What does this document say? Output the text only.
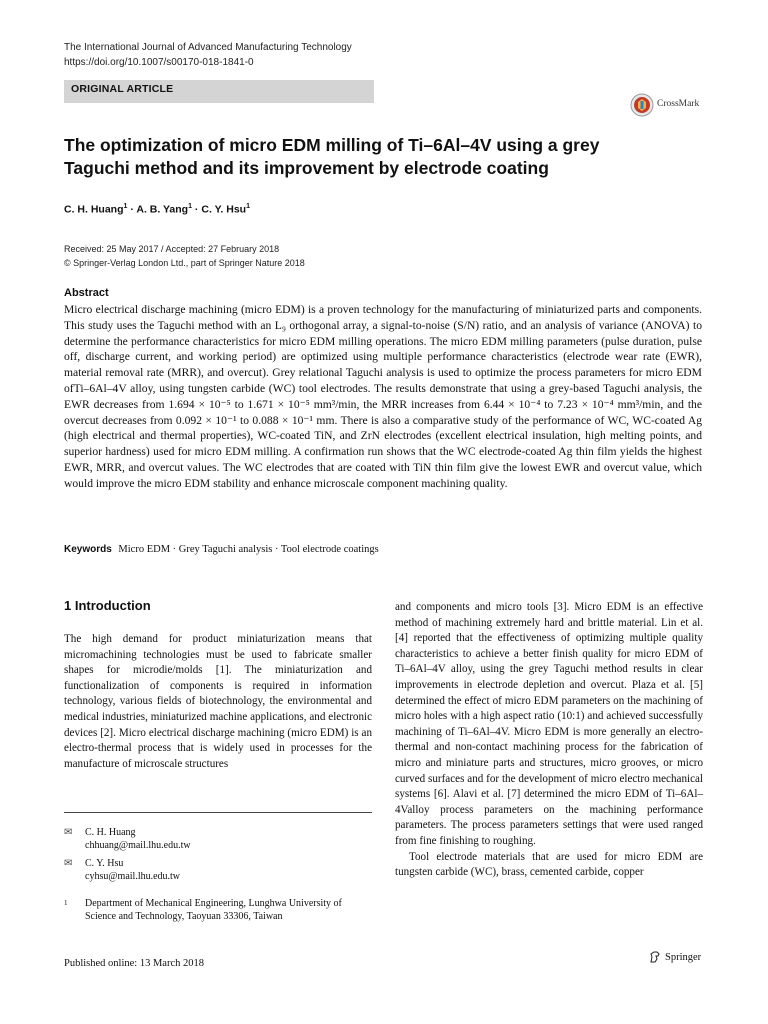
The International Journal of Advanced Manufacturing Technology
https://doi.org/10.1007/s00170-018-1841-0
ORIGINAL ARTICLE
CrossMark
The optimization of micro EDM milling of Ti–6Al–4V using a grey Taguchi method and its improvement by electrode coating
C. H. Huang$^1$ · A. B. Yang$^1$ · C. Y. Hsu$^1$
Received: 25 May 2017 / Accepted: 27 February 2018
© Springer-Verlag London Ltd., part of Springer Nature 2018
Abstract
Micro electrical discharge machining (micro EDM) is a proven technology for the manufacturing of miniaturized parts and components. This study uses the Taguchi method with an L₉ orthogonal array, a signal-to-noise (S/N) ratio, and an analysis of variance (ANOVA) to determine the performance characteristics for micro EDM milling operations. The micro EDM milling parameters (pulse duration, pulse off, discharge current, and working period) are optimized using multiple performance characteristics (electrode wear rate (EWR), material removal rate (MRR), and overcut). Grey relational Taguchi analysis is used to optimize the process parameters for micro EDM ofTi–6Al–4V alloy, using tungsten carbide (WC) tool electrodes. The results demonstrate that using a grey-based Taguchi analysis, the EWR decreases from 1.694 × 10⁻⁵ to 1.671 × 10⁻⁵ mm³/min, the MRR increases from 6.44 × 10⁻⁴ to 7.23 × 10⁻⁴ mm³/min, and the overcut decreases from 0.092 × 10⁻¹ to 0.088 × 10⁻¹ mm. There is also a comparative study of the performance of WC, WC-coated Ag (high electrical and thermal properties), WC-coated TiN, and ZrN electrodes (excellent electrical insulation, high melting points, and superior hardness) used for micro EDM milling. A confirmation run shows that the WC electrode-coated Ag thin film yields the highest EWR, MRR, and overcut values. The WC electrodes that are coated with TiN thin film give the lowest EWR and overcut value, which would improve the micro EDM stability and enhance microscale component machining quality.
Keywords Micro EDM · Grey Taguchi analysis · Tool electrode coatings
1 Introduction

The high demand for product miniaturization means that micromachining technologies must be used to fabricate smaller shapes for microdie/molds [1]. The miniaturization and functionalization of components is required in information technology, various fields of biotechnology, the environmental and medical industries, miniaturized machine applications, and electronic devices [2]. Micro electrical discharge machining (micro EDM) is an electro-thermal process that is widely used in processes for the manufacture of microscale structures

and components and micro tools [3]. Micro EDM is an effective method of machining extremely hard and brittle material. Lin et al. [4] reported that the effectiveness of optimizing multiple quality characteristics to achieve a better finish quality for micro EDM of Ti–6Al–4V alloy, using the grey Taguchi method results in clear improvements in electrode depletion and overcut. Plaza et al. [5] determined the effect of micro EDM parameters on the machining of micro holes with a high aspect ratio (10:1) and achieved successfully machining of Ti–6Al–4V. Micro EDM is more generally an electro-thermal and non-contact machining process for the fabrication of micro and miniature parts and structures, micro grooves, or micro curved surfaces and for the development of micro electro mechanical systems [6]. Alavi et al. [7] determined the micro EDM of Ti–6Al–4Valloy process parameters on the machining performance parameters. The process parameters settings that were used ranged from fine finishing to roughing.

Tool electrode materials that are used for micro EDM are tungsten carbide (WC), brass, cemented carbide, copper

✉ C. H. Huang
chhuang@mail.lhu.edu.tw
✉ C. Y. Hsu
cyhsu@mail.lhu.edu.tw
$^1$ Department of Mechanical Engineering, Lunghwa University of Science and Technology, Taoyuan 33306, Taiwan
Published online: 13 March 2018
Springer
